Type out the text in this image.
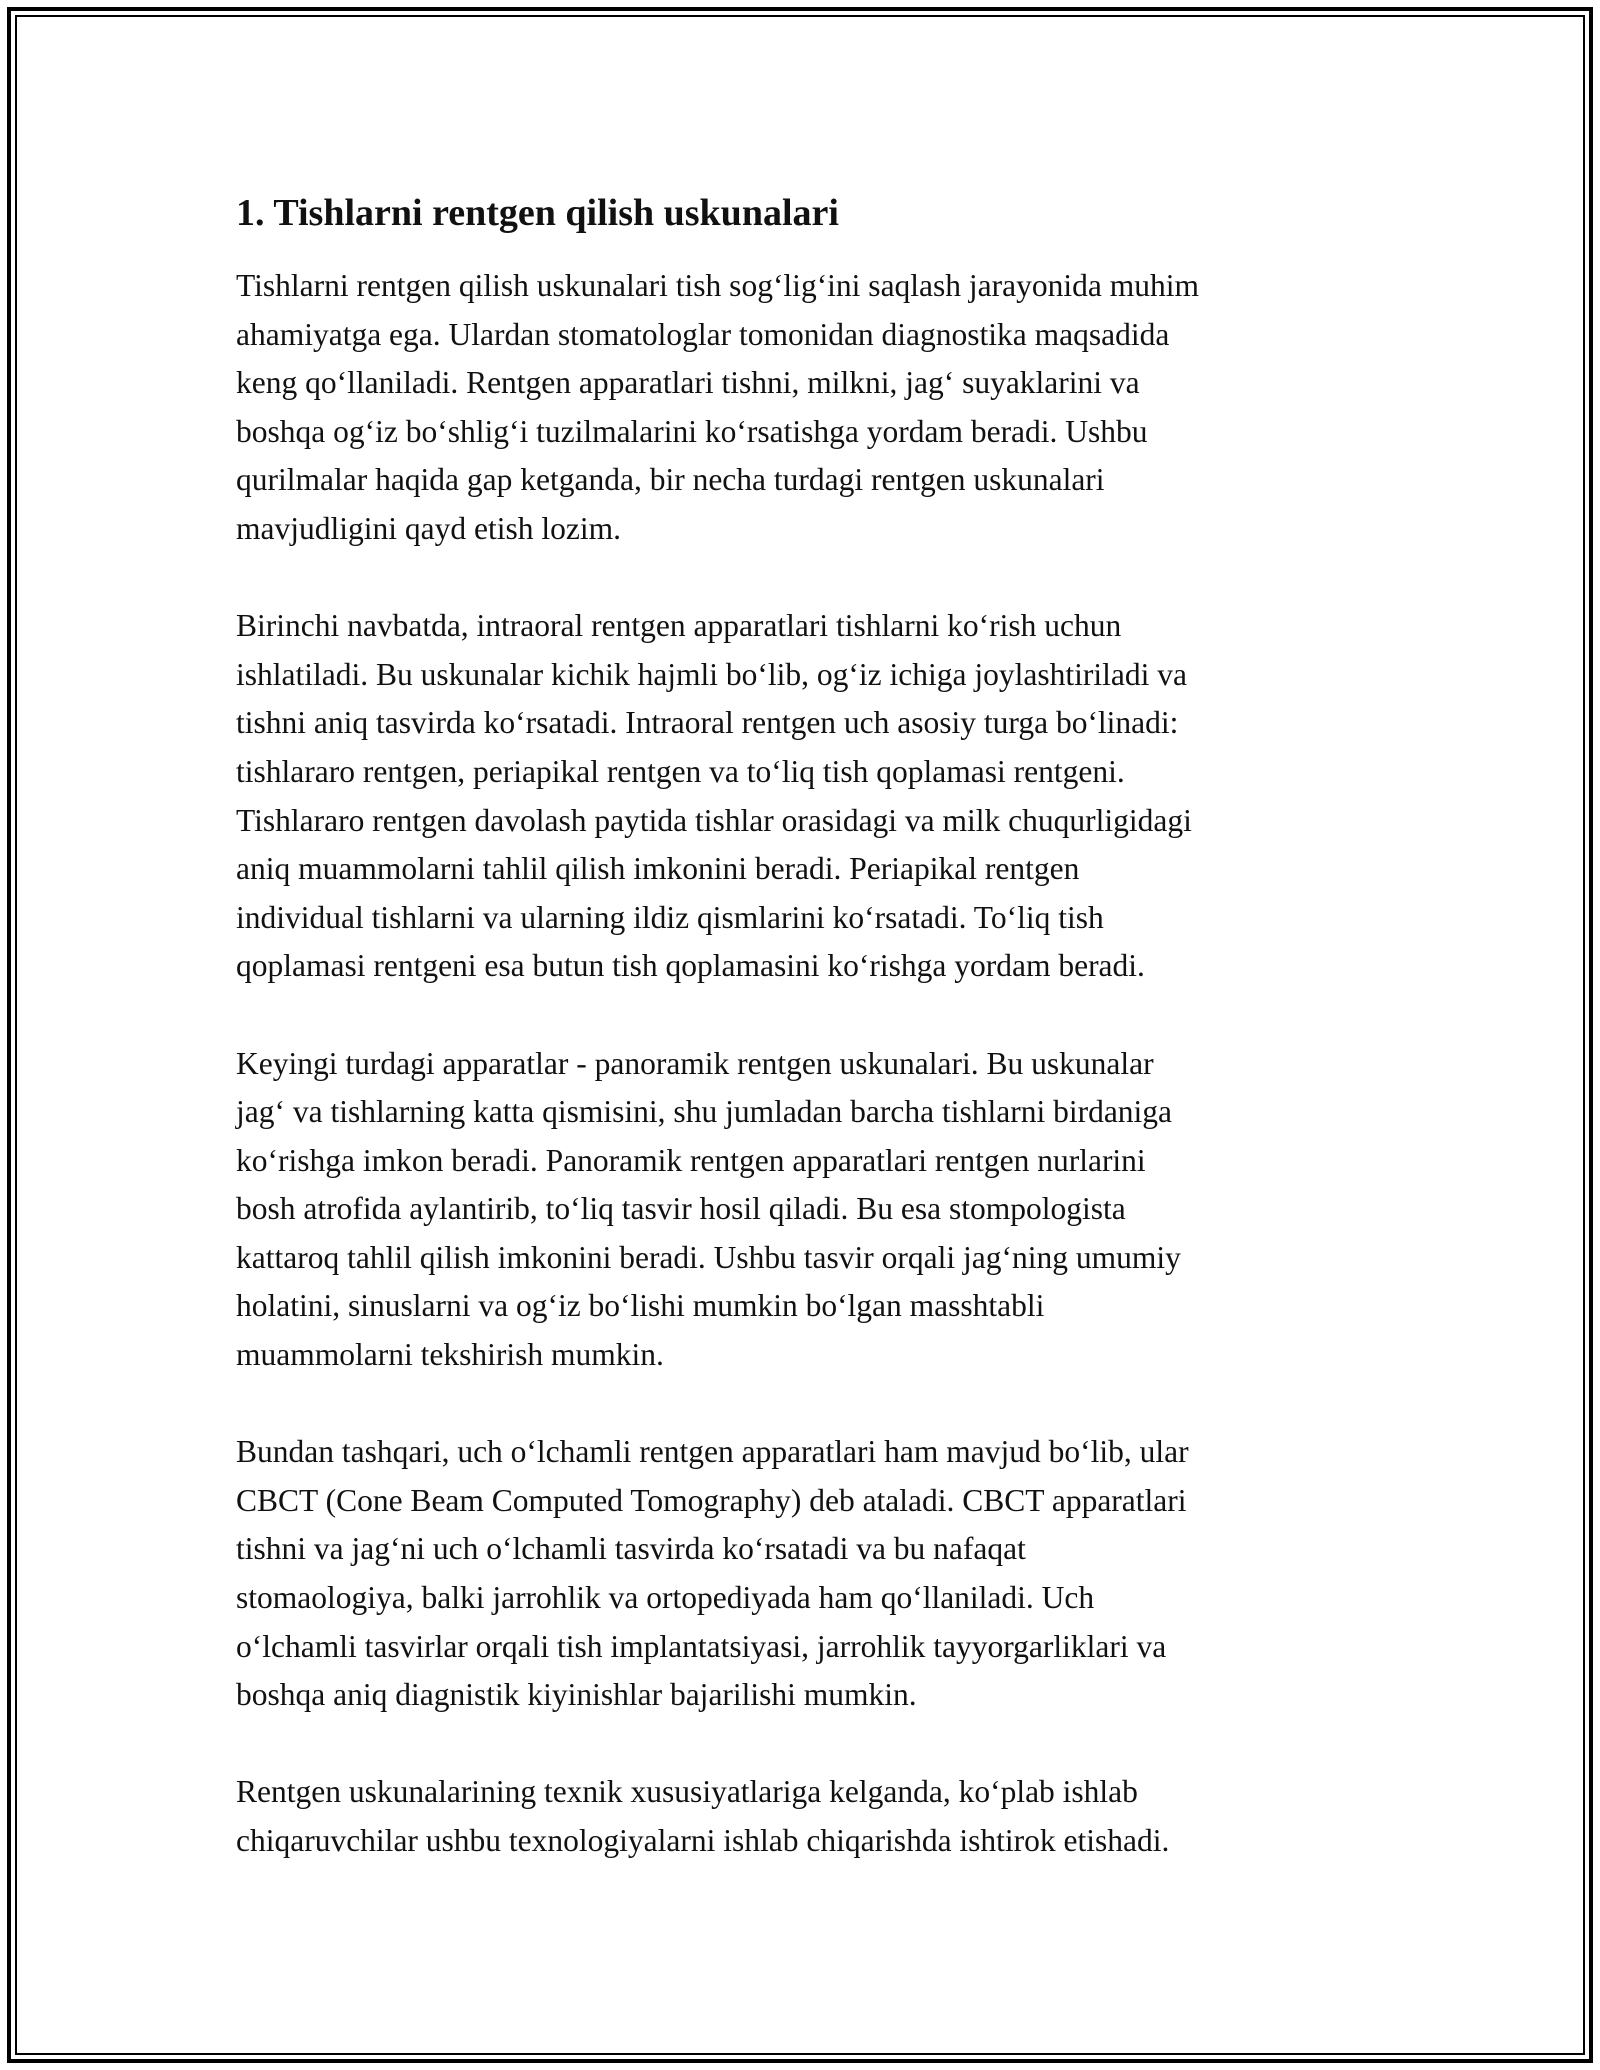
1. Tishlarni rentgen qilish uskunalari

Tishlarni rentgen qilish uskunalari tish sog‘lig‘ini saqlash jarayonida muhim
ahamiyatga ega. Ulardan stomatologlar tomonidan diagnostika maqsadida
keng qo‘llaniladi. Rentgen apparatlari tishni, milkni, jag‘ suyaklarini va
boshqa og‘iz bo‘shlig‘i tuzilmalarini ko‘rsatishga yordam beradi. Ushbu
qurilmalar haqida gap ketganda, bir necha turdagi rentgen uskunalari
mavjudligini qayd etish lozim.

Birinchi navbatda, intraoral rentgen apparatlari tishlarni ko‘rish uchun
ishlatiladi. Bu uskunalar kichik hajmli bo‘lib, og‘iz ichiga joylashtiriladi va
tishni aniq tasvirda ko‘rsatadi. Intraoral rentgen uch asosiy turga bo‘linadi:
tishlararo rentgen, periapikal rentgen va to‘liq tish qoplamasi rentgeni.
Tishlararo rentgen davolash paytida tishlar orasidagi va milk chuqurligidagi
aniq muammolarni tahlil qilish imkonini beradi. Periapikal rentgen
individual tishlarni va ularning ildiz qismlarini ko‘rsatadi. To‘liq tish
qoplamasi rentgeni esa butun tish qoplamasini ko‘rishga yordam beradi.

Keyingi turdagi apparatlar - panoramik rentgen uskunalari. Bu uskunalar
jag‘ va tishlarning katta qismisini, shu jumladan barcha tishlarni birdaniga
ko‘rishga imkon beradi. Panoramik rentgen apparatlari rentgen nurlarini
bosh atrofida aylantirib, to‘liq tasvir hosil qiladi. Bu esa stompologista
kattaroq tahlil qilish imkonini beradi. Ushbu tasvir orqali jag‘ning umumiy
holatini, sinuslarni va og‘iz bo‘lishi mumkin bo‘lgan masshtabli
muammolarni tekshirish mumkin.

Bundan tashqari, uch o‘lchamli rentgen apparatlari ham mavjud bo‘lib, ular
CBCT (Cone Beam Computed Tomography) deb ataladi. CBCT apparatlari
tishni va jag‘ni uch o‘lchamli tasvirda ko‘rsatadi va bu nafaqat
stomaologiya, balki jarrohlik va ortopediyada ham qo‘llaniladi. Uch
o‘lchamli tasvirlar orqali tish implantatsiyasi, jarrohlik tayyorgarliklari va
boshqa aniq diagnistik kiyinishlar bajarilishi mumkin.

Rentgen uskunalarining texnik xususiyatlariga kelganda, ko‘plab ishlab
chiqaruvchilar ushbu texnologiyalarni ishlab chiqarishda ishtirok etishadi.
